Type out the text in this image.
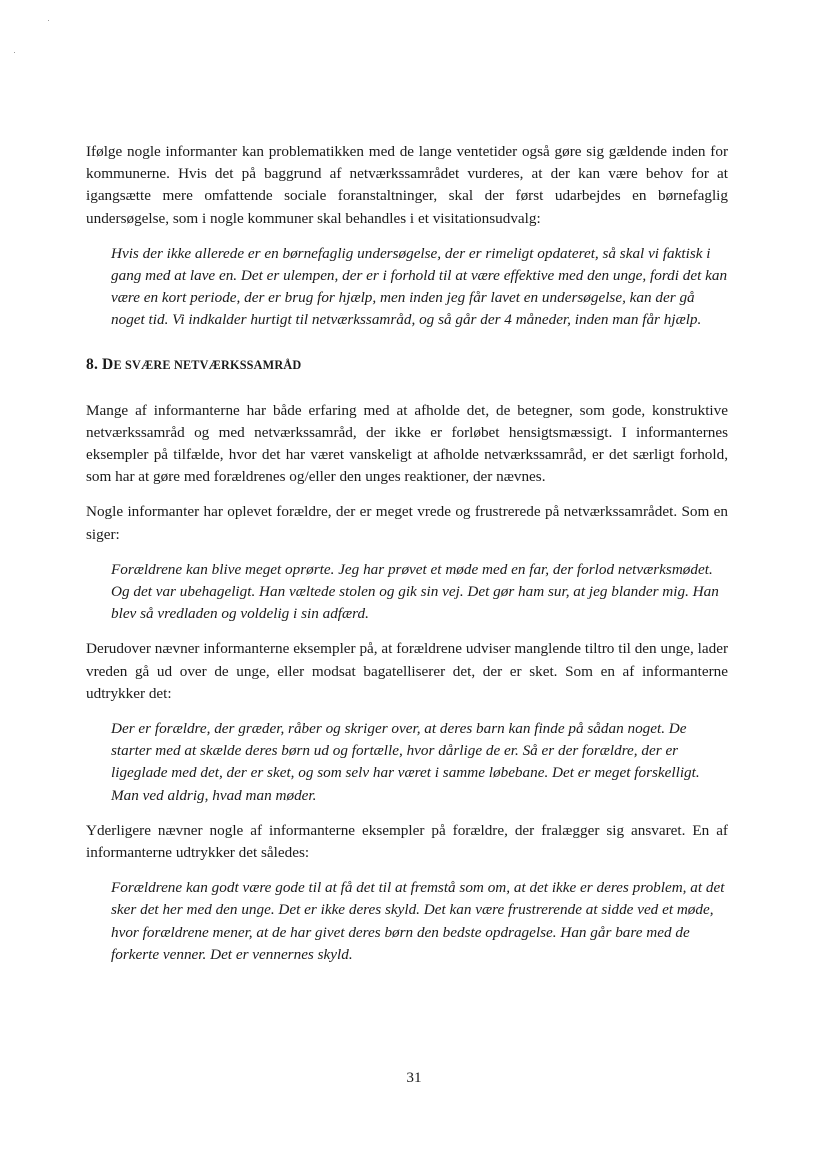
Ifølge nogle informanter kan problematikken med de lange ventetider også gøre sig gældende inden for kommunerne. Hvis det på baggrund af netværkssamrådet vurderes, at der kan være behov for at igangsætte mere omfattende sociale foranstaltninger, skal der først udarbejdes en børnefaglig undersøgelse, som i nogle kommuner skal behandles i et visitationsudvalg:

Hvis der ikke allerede er en børnefaglig undersøgelse, der er rimeligt opdateret, så skal vi faktisk i gang med at lave en. Det er ulempen, der er i forhold til at være effektive med den unge, fordi det kan være en kort periode, der er brug for hjælp, men inden jeg får lavet en undersøgelse, kan der gå noget tid. Vi indkalder hurtigt til netværkssamråd, og så går der 4 måneder, inden man får hjælp.

8. DE SVÆRE NETVÆRKSSAMRÅD

Mange af informanterne har både erfaring med at afholde det, de betegner, som gode, konstruktive netværkssamråd og med netværkssamråd, der ikke er forløbet hensigtsmæssigt. I informanternes eksempler på tilfælde, hvor det har været vanskeligt at afholde netværkssamråd, er det særligt forhold, som har at gøre med forældrenes og/eller den unges reaktioner, der nævnes.

Nogle informanter har oplevet forældre, der er meget vrede og frustrerede på netværkssamrådet. Som en siger:

Forældrene kan blive meget oprørte. Jeg har prøvet et møde med en far, der forlod netværksmødet. Og det var ubehageligt. Han væltede stolen og gik sin vej. Det gør ham sur, at jeg blander mig. Han blev så vredladen og voldelig i sin adfærd.

Derudover nævner informanterne eksempler på, at forældrene udviser manglende tiltro til den unge, lader vreden gå ud over de unge, eller modsat bagatelliserer det, der er sket. Som en af informanterne udtrykker det:

Der er forældre, der græder, råber og skriger over, at deres barn kan finde på sådan noget. De starter med at skælde deres børn ud og fortælle, hvor dårlige de er. Så er der forældre, der er ligeglade med det, der er sket, og som selv har været i samme løbebane. Det er meget forskelligt. Man ved aldrig, hvad man møder.

Yderligere nævner nogle af informanterne eksempler på forældre, der fralægger sig ansvaret. En af informanterne udtrykker det således:

Forældrene kan godt være gode til at få det til at fremstå som om, at det ikke er deres problem, at det sker det her med den unge. Det er ikke deres skyld. Det kan være frustrerende at sidde ved et møde, hvor forældrene mener, at de har givet deres børn den bedste opdragelse. Han går bare med de forkerte venner. Det er vennernes skyld.

31
